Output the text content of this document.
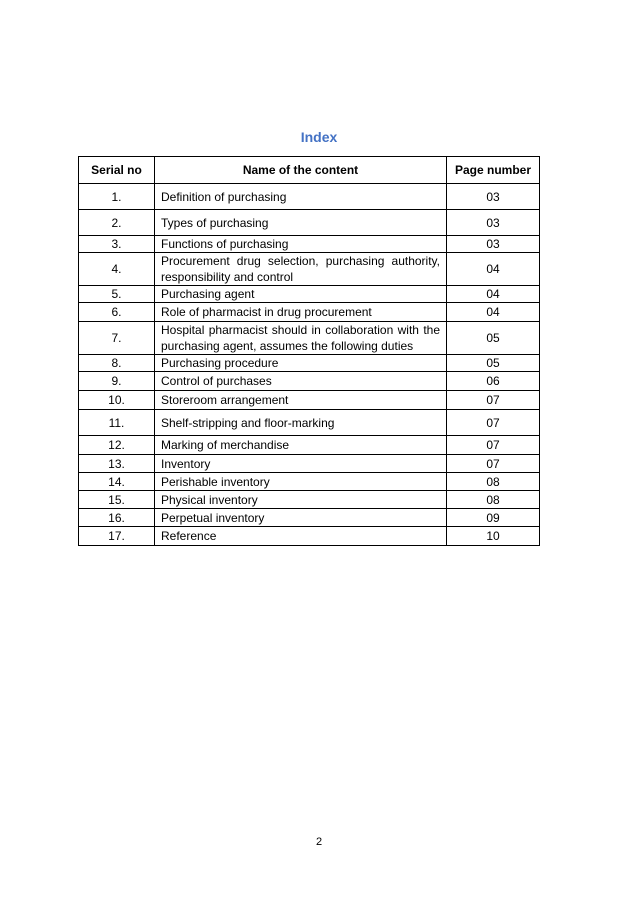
Index
Serial no	Name of the content	Page number
1.	Definition of purchasing	03
2.	Types of purchasing	03
3.	Functions of purchasing	03
4.	Procurement drug selection, purchasing authority, responsibility and control	04
5.	Purchasing agent	04
6.	Role of pharmacist in drug procurement	04
7.	Hospital pharmacist should in collaboration with the purchasing agent, assumes the following duties	05
8.	Purchasing procedure	05
9.	Control of purchases	06
10.	Storeroom arrangement	07
11.	Shelf-stripping and floor-marking	07
12.	Marking of merchandise	07
13.	Inventory	07
14.	Perishable inventory	08
15.	Physical inventory	08
16.	Perpetual inventory	09
17.	Reference	10
2
